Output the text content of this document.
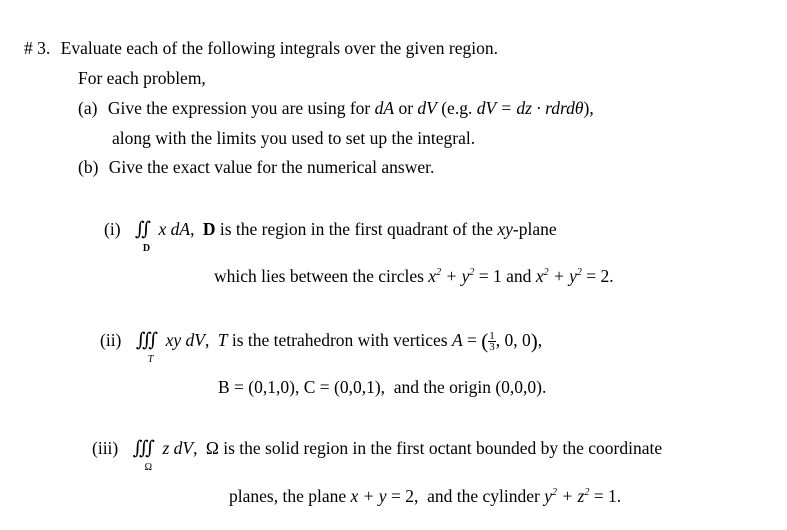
# 3. Evaluate each of the following integrals over the given region.
For each problem,
(a) Give the expression you are using for dA or dV (e.g. dV = dz · rdrdθ),
along with the limits you used to set up the integral.
(b) Give the exact value for the numerical answer.
(i) ∬
D
x dA, D is the region in the first quadrant of the xy-plane
which lies between the circles $x^2 + y^2 = 1$ and $x^2 + y^2 = 2$.
(ii) ∭
T
xy dV, T is the tetrahedron with vertices A = ( $\frac{1}{3}$ , 0, 0),
B = (0,1,0), C = (0,0,1),  and the origin (0,0,0).
(iii) ∭
Ω
z dV, Ω is the solid region in the first octant bounded by the coordinate
planes, the plane x + y = 2,  and the cylinder $y^2 + z^2 = 1$.
